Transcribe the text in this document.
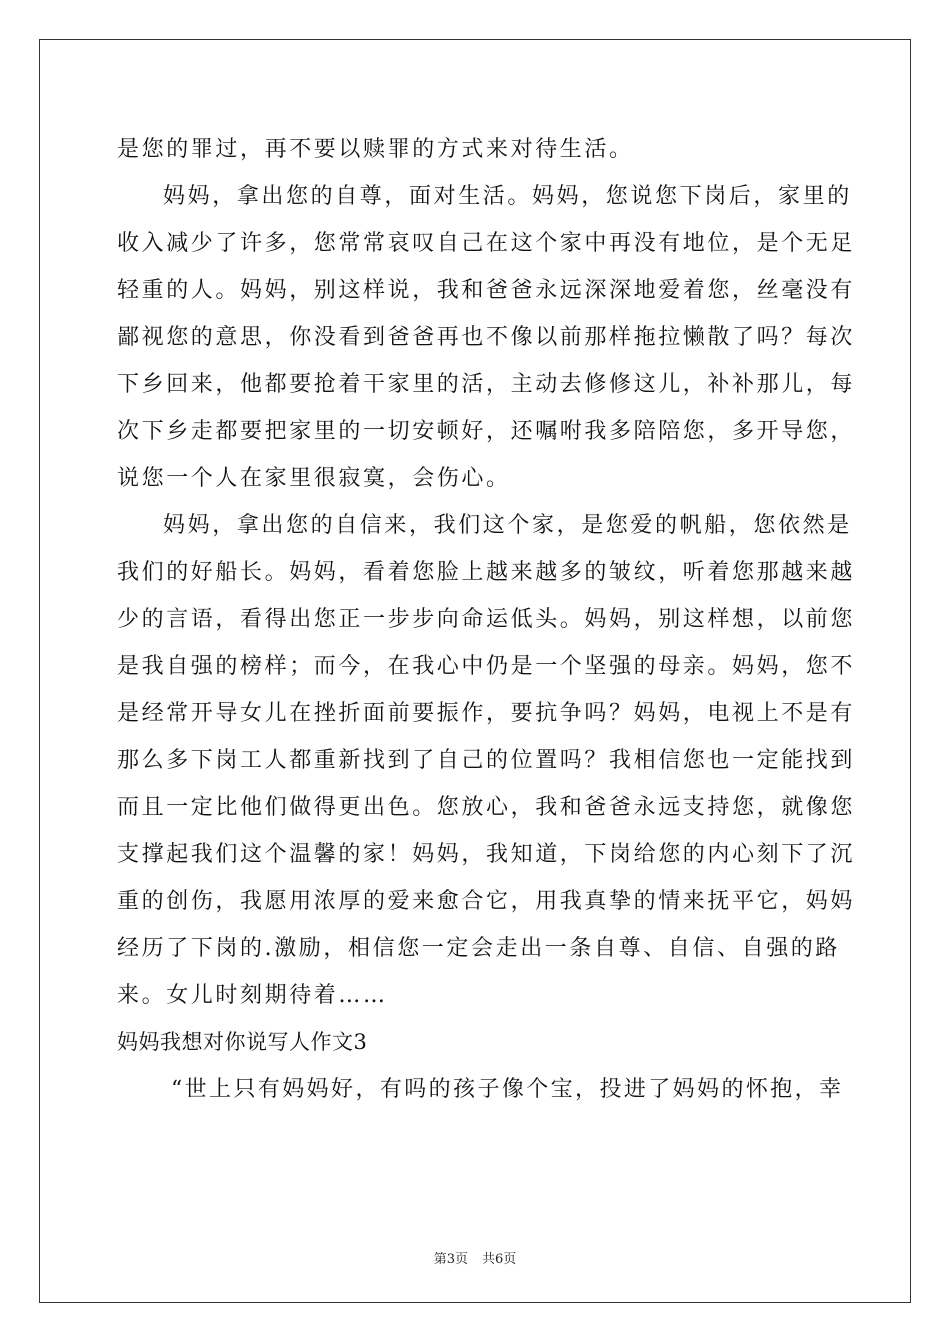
是您的罪过，再不要以赎罪的方式来对待生活。
妈妈，拿出您的自尊，面对生活。妈妈，您说您下岗后，家里的
收入减少了许多，您常常哀叹自己在这个家中再没有地位，是个无足
轻重的人。妈妈，别这样说，我和爸爸永远深深地爱着您，丝毫没有
鄙视您的意思，你没看到爸爸再也不像以前那样拖拉懒散了吗？每次
下乡回来，他都要抢着干家里的活，主动去修修这儿，补补那儿，每
次下乡走都要把家里的一切安顿好，还嘱咐我多陪陪您，多开导您，
说您一个人在家里很寂寞，会伤心。
妈妈，拿出您的自信来，我们这个家，是您爱的帆船，您依然是
我们的好船长。妈妈，看着您脸上越来越多的皱纹，听着您那越来越
少的言语，看得出您正一步步向命运低头。妈妈，别这样想，以前您
是我自强的榜样；而今，在我心中仍是一个坚强的母亲。妈妈，您不
是经常开导女儿在挫折面前要振作，要抗争吗？妈妈，电视上不是有
那么多下岗工人都重新找到了自己的位置吗？我相信您也一定能找到
而且一定比他们做得更出色。您放心，我和爸爸永远支持您，就像您
支撑起我们这个温馨的家！妈妈，我知道，下岗给您的内心刻下了沉
重的创伤，我愿用浓厚的爱来愈合它，用我真挚的情来抚平它，妈妈
经历了下岗的.激励，相信您一定会走出一条自尊、自信、自强的路
来。女儿时刻期待着……
妈妈我想对你说写人作文3
“世上只有妈妈好，有吗的孩子像个宝，投进了妈妈的怀抱，幸
第3页 共6页
